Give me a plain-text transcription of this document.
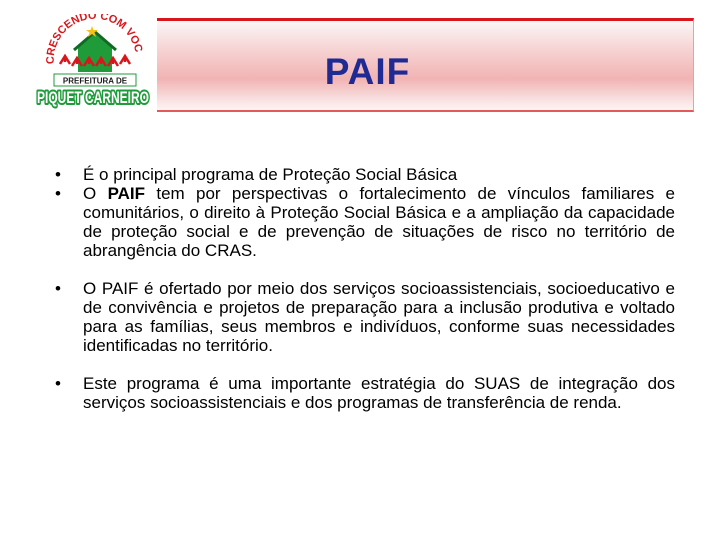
CRESCENDO COM VOC
PREFEITURA DE
PIQUET CARNEIRO
PAIF
• É o principal programa de Proteção Social Básica
• O PAIF tem por perspectivas o fortalecimento de vínculos familiares e comunitários, o direito à Proteção Social Básica e a ampliação da capacidade de proteção social e de prevenção de situações de risco no território de abrangência do CRAS.
• O PAIF é ofertado por meio dos serviços socioassistenciais, socioeducativo e de convivência e projetos de preparação para a inclusão produtiva e voltado para as famílias, seus membros e indivíduos, conforme suas necessidades identificadas no território.
• Este programa é uma importante estratégia do SUAS de integração dos serviços socioassistenciais e dos programas de transferência de renda.
